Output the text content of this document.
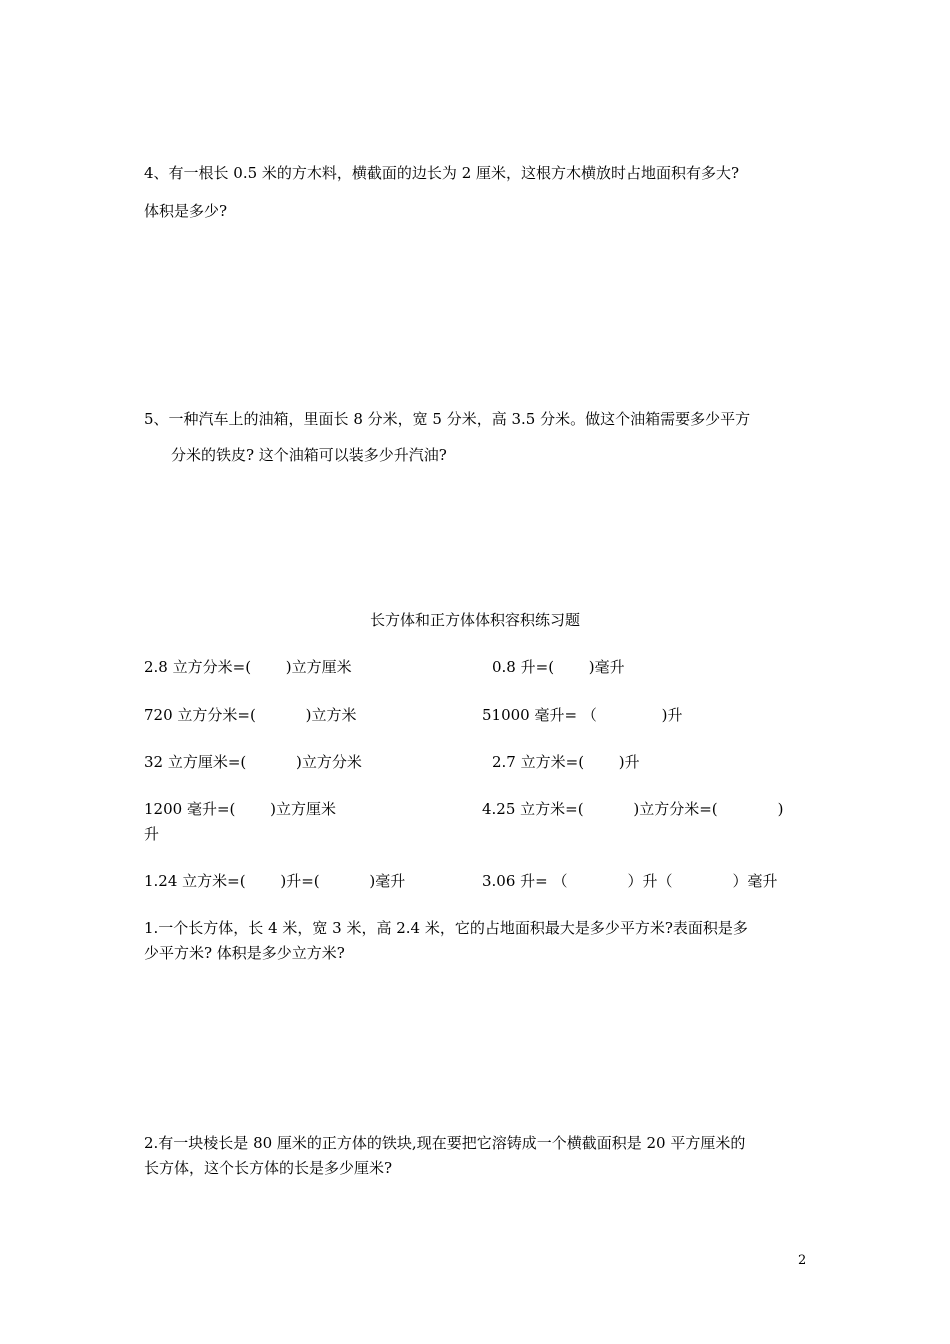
4、有一根长 0.5 米的方木料，横截面的边长为 2 厘米，这根方木横放时占地面积有多大?
体积是多少?
5、一种汽车上的油箱，里面长 8 分米，宽 5 分米，高 3.5 分米。做这个油箱需要多少平方
分米的铁皮? 这个油箱可以装多少升汽油?
长方体和正方体体积容积练习题
2.8 立方分米=(　　 )立方厘米	0.8 升=(　　 )毫升
720 立方分米=(　　　 )立方米	51000 毫升= （　　　　 )升
32 立方厘米=(　　　 )立方分米	2.7 立方米=(　　 )升
1200 毫升=(　　 )立方厘米	4.25 立方米=(　　　 )立方分米=(　　　　)
升
1.24 立方米=(　　 )升=(　　　 )毫升	3.06 升= （　　　　）升（　　　　）毫升
1.一个长方体，长 4 米，宽 3 米，高 2.4 米，它的占地面积最大是多少平方米?表面积是多
少平方米? 体积是多少立方米?
2.有一块棱长是 80 厘米的正方体的铁块,现在要把它溶铸成一个横截面积是 20 平方厘米的
长方体，这个长方体的长是多少厘米?
2
